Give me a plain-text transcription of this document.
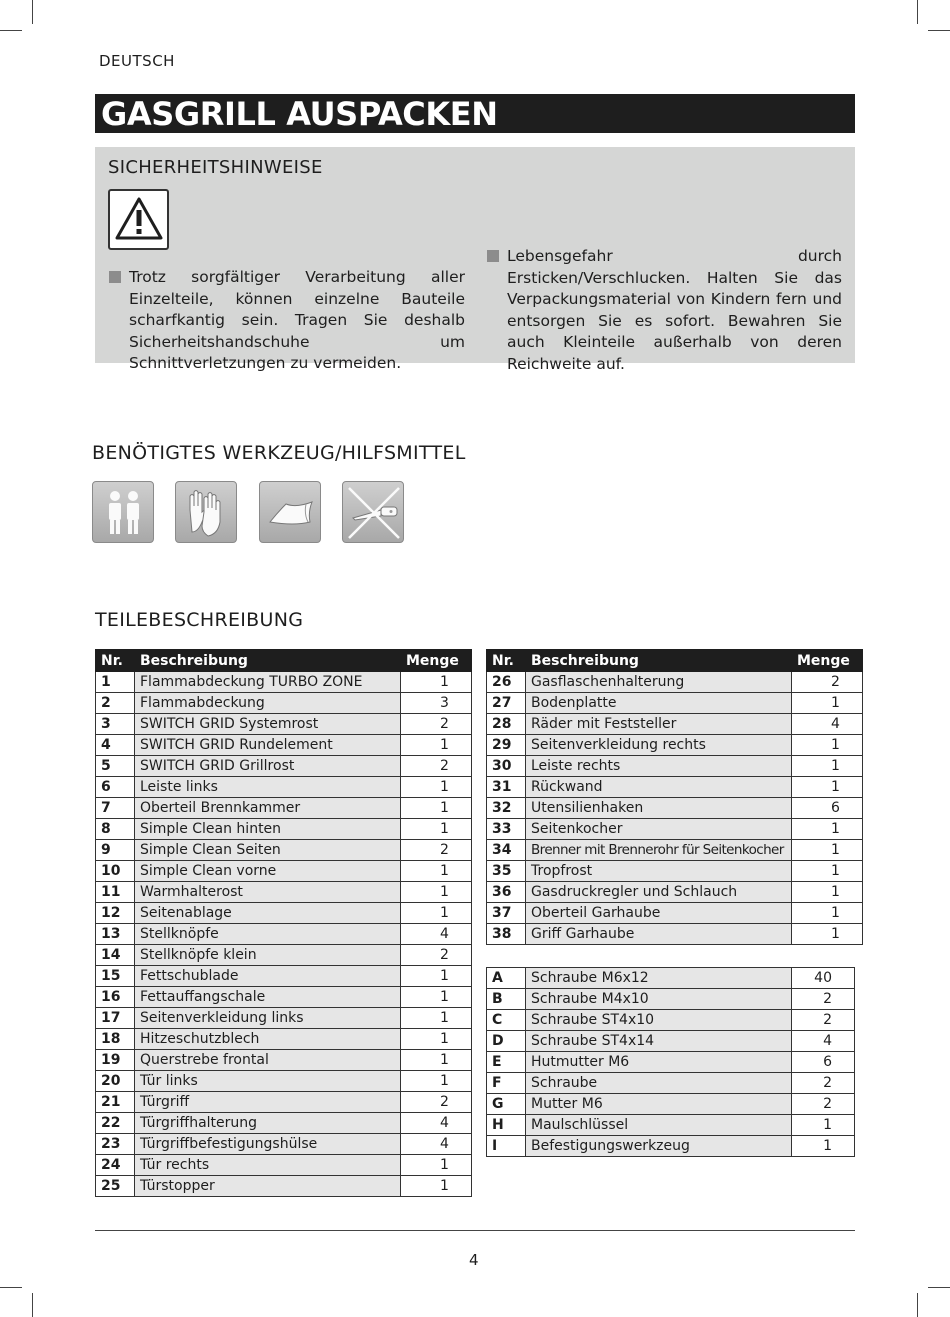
DEUTSCH
GASGRILL AUSPACKEN
SICHERHEITSHINWEISE
Trotz sorgfältiger Verarbeitung aller Einzelteile, können einzelne Bauteile scharfkantig sein. Tragen Sie deshalb Sicherheitshandschuhe um Schnittverletzungen zu vermeiden.
Lebensgefahr durch Ersticken/Verschlucken. Halten Sie das Verpackungsmaterial von Kindern fern und entsorgen Sie es sofort. Bewahren Sie auch Kleinteile außerhalb von deren Reichweite auf.
BENÖTIGTES WERKZEUG/HILFSMITTEL
TEILEBESCHREIBUNG
Nr.	Beschreibung	Menge
1	Flammabdeckung TURBO ZONE	1
2	Flammabdeckung	3
3	SWITCH GRID Systemrost	2
4	SWITCH GRID Rundelement	1
5	SWITCH GRID Grillrost	2
6	Leiste links	1
7	Oberteil Brennkammer	1
8	Simple Clean hinten	1
9	Simple Clean Seiten	2
10	Simple Clean vorne	1
11	Warmhalterost	1
12	Seitenablage	1
13	Stellknöpfe	4
14	Stellknöpfe klein	2
15	Fettschublade	1
16	Fettauffangschale	1
17	Seitenverkleidung links	1
18	Hitzeschutzblech	1
19	Querstrebe frontal	1
20	Tür links	1
21	Türgriff	2
22	Türgriffhalterung	4
23	Türgriffbefestigungshülse	4
24	Tür rechts	1
25	Türstopper	1
Nr.	Beschreibung	Menge
26	Gasflaschenhalterung	2
27	Bodenplatte	1
28	Räder mit Feststeller	4
29	Seitenverkleidung rechts	1
30	Leiste rechts	1
31	Rückwand	1
32	Utensilienhaken	6
33	Seitenkocher	1
34	Brenner mit Brennerohr für Seitenkocher	1
35	Tropfrost	1
36	Gasdruckregler und Schlauch	1
37	Oberteil Garhaube	1
38	Griff Garhaube	1
A	Schraube M6x12	40
B	Schraube M4x10	2
C	Schraube ST4x10	2
D	Schraube ST4x14	4
E	Hutmutter M6	6
F	Schraube	2
G	Mutter M6	2
H	Maulschlüssel	1
I	Befestigungswerkzeug	1
4
